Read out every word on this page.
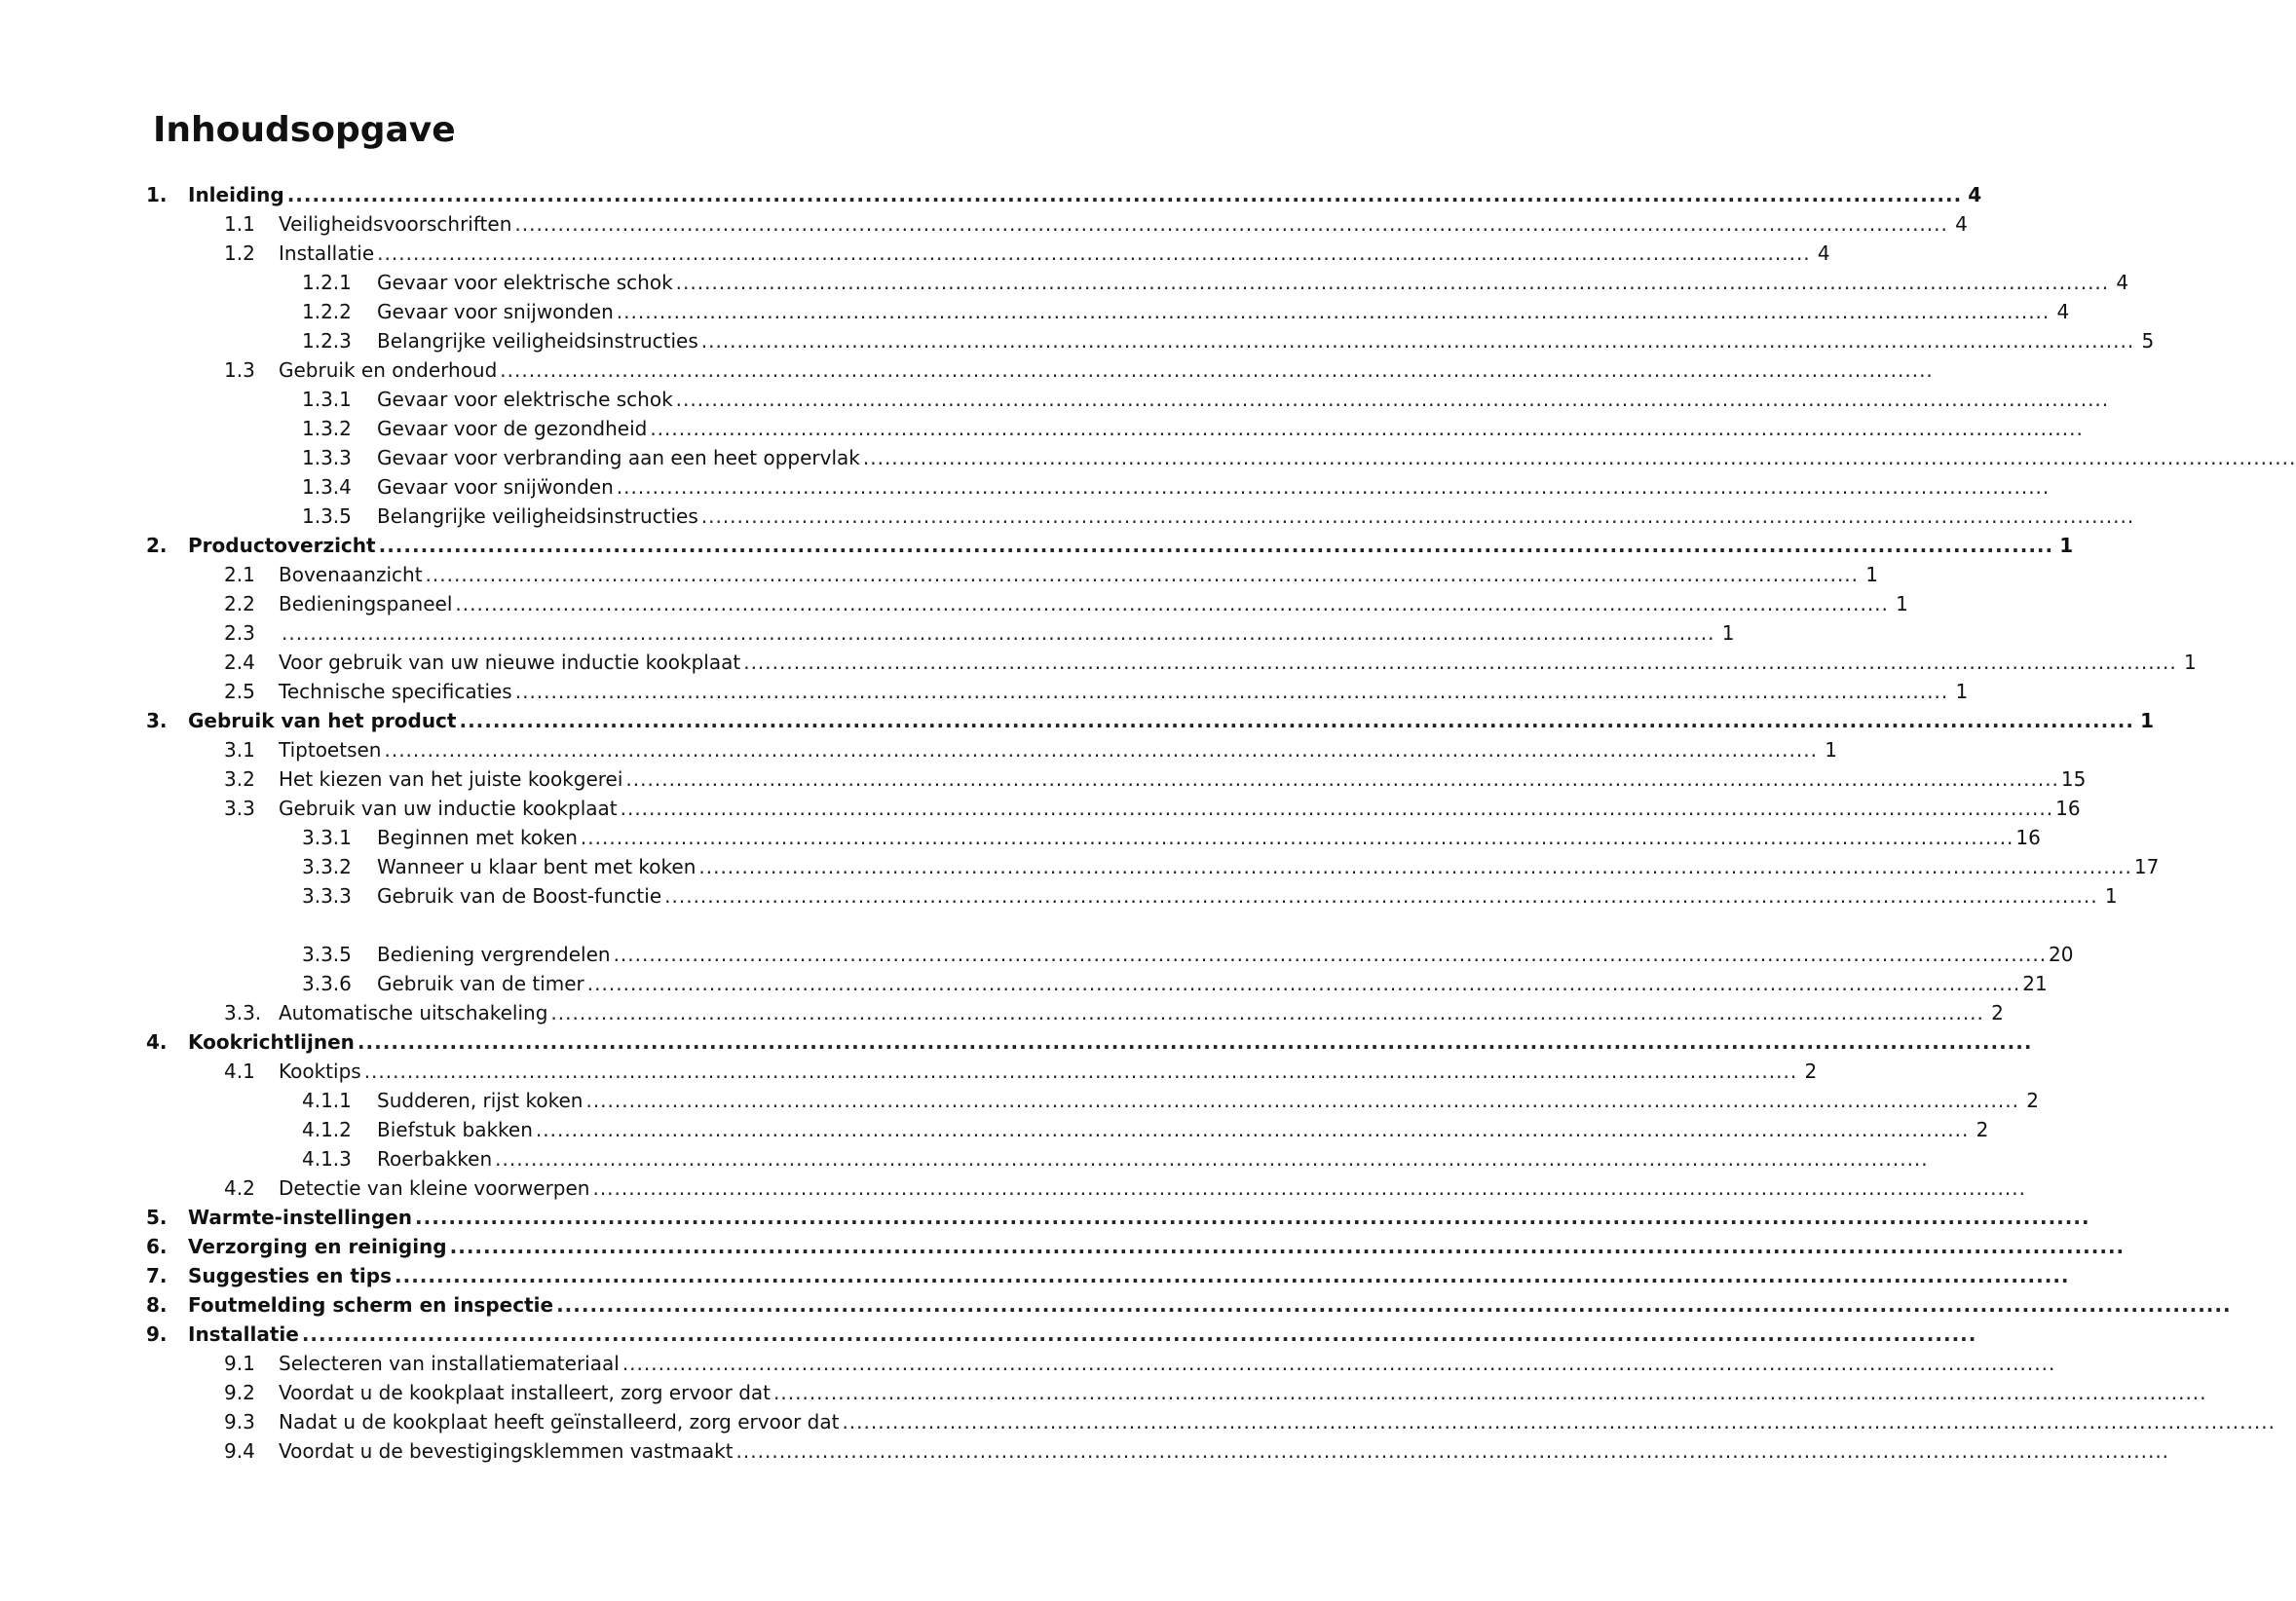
Inhoudsopgave
1.	Inleiding ........................................................................................................................................................................................................ 4
1.1	Veiligheidsvoorschriften ........................................................................................................................................................................................................ 4
1.2	Installatie ........................................................................................................................................................................................................ 4
1.2.1	Gevaar voor elektrische schok ........................................................................................................................................................................................................ 4
1.2.2	Gevaar voor snijwonden ........................................................................................................................................................................................................ 4
1.2.3	Belangrijke veiligheidsinstructies ........................................................................................................................................................................................................ 5
1.3	Gebruik en onderhoud ........................................................................................................................................................................................................
1.3.1	Gevaar voor elektrische schok ........................................................................................................................................................................................................
1.3.2	Gevaar voor de gezondheid ........................................................................................................................................................................................................
1.3.3	Gevaar voor verbranding aan een heet oppervlak ........................................................................................................................................................................................................
1.3.4	Gevaar voor snijẅonden ........................................................................................................................................................................................................
1.3.5	Belangrijke veiligheidsinstructies ........................................................................................................................................................................................................
2.	Productoverzicht ........................................................................................................................................................................................................ 1
2.1	Bovenaanzicht ........................................................................................................................................................................................................ 1
2.2	Bedieningspaneel ........................................................................................................................................................................................................ 1
2.3	........................................................................................................................................................................................................ 1
2.4	Voor gebruik van uw nieuwe inductie kookplaat ........................................................................................................................................................................................................ 1
2.5	Technische specificaties ........................................................................................................................................................................................................ 1
3.	Gebruik van het product ........................................................................................................................................................................................................ 1
3.1	Tiptoetsen ........................................................................................................................................................................................................ 1
3.2	Het kiezen van het juiste kookgerei ........................................................................................................................................................................................................ 15
3.3	Gebruik van uw inductie kookplaat ........................................................................................................................................................................................................ 16
3.3.1	Beginnen met koken ........................................................................................................................................................................................................ 16
3.3.2	Wanneer u klaar bent met koken ........................................................................................................................................................................................................ 17
3.3.3	Gebruik van de Boost-functie ........................................................................................................................................................................................................ 1
3.3.5	Bediening vergrendelen ........................................................................................................................................................................................................ 20
3.3.6	Gebruik van de timer ........................................................................................................................................................................................................ 21
3.3. Automatische uitschakeling ........................................................................................................................................................................................................ 2
4.	Kookrichtlijnen ........................................................................................................................................................................................................
4.1	Kooktips ........................................................................................................................................................................................................ 2
4.1.1	Sudderen, rijst koken ........................................................................................................................................................................................................ 2
4.1.2	Biefstuk bakken ........................................................................................................................................................................................................ 2
4.1.3	Roerbakken ........................................................................................................................................................................................................
4.2	Detectie van kleine voorwerpen ........................................................................................................................................................................................................
5.	Warmte-instellingen ........................................................................................................................................................................................................
6.	Verzorging en reiniging ........................................................................................................................................................................................................
7.	Suggesties en tips ........................................................................................................................................................................................................
8.	Foutmelding scherm en inspectie ........................................................................................................................................................................................................
9.	Installatie ........................................................................................................................................................................................................
9.1	Selecteren van installatiemateriaal ........................................................................................................................................................................................................
9.2	Voordat u de kookplaat installeert, zorg ervoor dat ........................................................................................................................................................................................................
9.3	Nadat u de kookplaat heeft geïnstalleerd, zorg ervoor dat ........................................................................................................................................................................................................
9.4	Voordat u de bevestigingsklemmen vastmaakt ........................................................................................................................................................................................................
